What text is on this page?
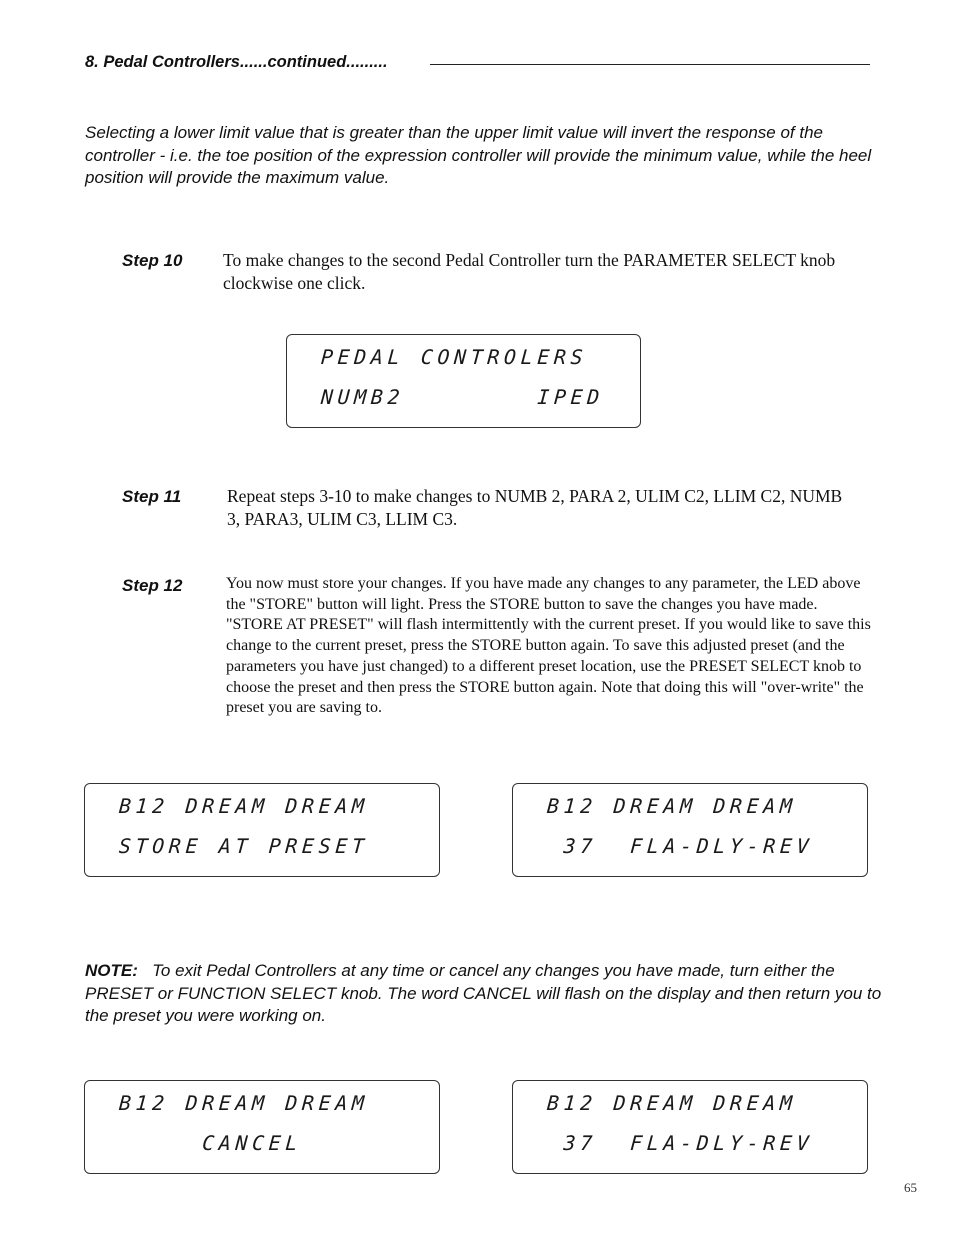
8. Pedal Controllers......continued.........
Selecting a lower limit value that is greater than the upper limit value will invert the response of the controller - i.e. the toe position of the expression controller will provide the minimum value, while the heel position will provide the maximum value.
Step 10 To make changes to the second Pedal Controller turn the PARAMETER SELECT knob clockwise one click.
PEDAL CONTROLERS
NUMB2        IPED
Step 11	Repeat steps 3-10 to make changes to NUMB 2, PARA 2, ULIM C2, LLIM C2, NUMB 3, PARA3, ULIM C3, LLIM C3.
Step 12	You now must store your changes. If you have made any changes to any parameter, the LED above the "STORE" button will light. Press the STORE button to save the changes you have made. "STORE AT PRESET" will flash intermittently with the current preset. If you would like to save this change to the current preset, press the STORE button again. To save this adjusted preset (and the parameters you have just changed) to a different preset location, use the PRESET SELECT knob to choose the preset and then press the STORE button again. Note that doing this will "over-write" the preset you are saving to.
B12 DREAM DREAM
STORE AT PRESET
B12 DREAM DREAM
37  FLA-DLY-REV
NOTE: To exit Pedal Controllers at any time or cancel any changes you have made, turn either the PRESET or FUNCTION SELECT knob. The word CANCEL will flash on the display and then return you to the preset you were working on.
B12 DREAM DREAM
CANCEL
B12 DREAM DREAM
37  FLA-DLY-REV
65
